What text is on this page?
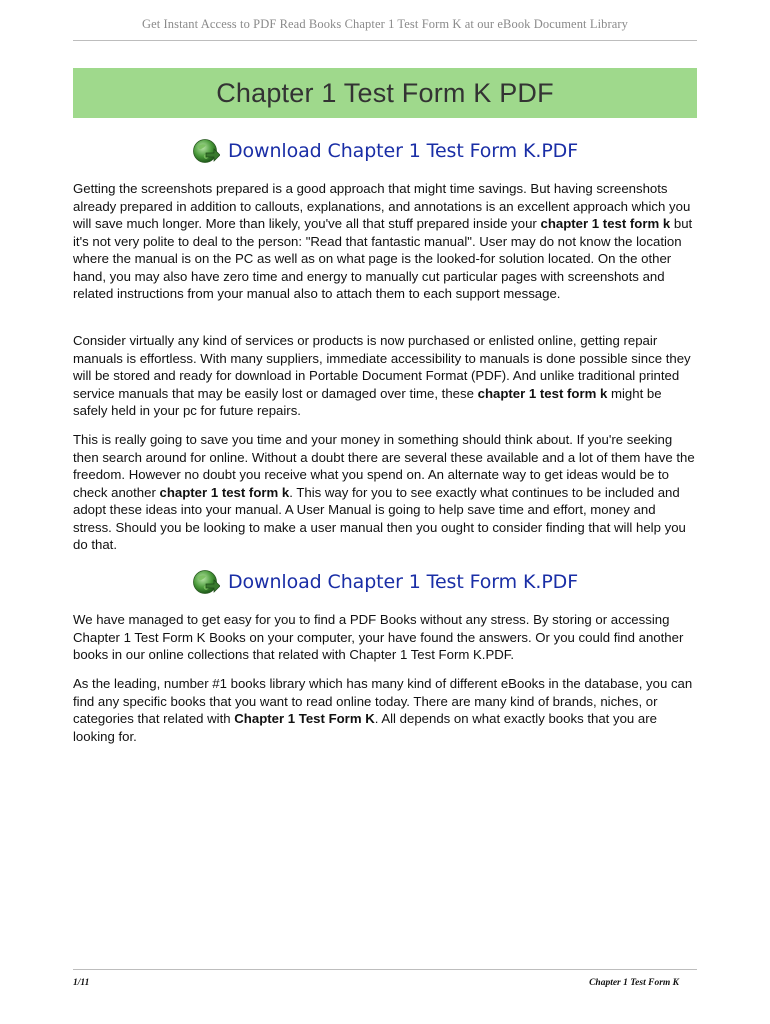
Get Instant Access to PDF Read Books Chapter 1 Test Form K at our eBook Document Library
Chapter 1 Test Form K PDF
Download Chapter 1 Test Form K.PDF

Getting the screenshots prepared is a good approach that might time savings. But having screenshots already prepared in addition to callouts, explanations, and annotations is an excellent approach which you will save much longer. More than likely, you've all that stuff prepared inside your chapter 1 test form k but it's not very polite to deal to the person: "Read that fantastic manual". User may do not know the location where the manual is on the PC as well as on what page is the looked-for solution located. On the other hand, you may also have zero time and energy to manually cut particular pages with screenshots and related instructions from your manual also to attach them to each support message.

Consider virtually any kind of services or products is now purchased or enlisted online, getting repair manuals is effortless. With many suppliers, immediate accessibility to manuals is done possible since they will be stored and ready for download in Portable Document Format (PDF). And unlike traditional printed service manuals that may be easily lost or damaged over time, these chapter 1 test form k might be safely held in your pc for future repairs.

This is really going to save you time and your money in something should think about. If you're seeking then search around for online. Without a doubt there are several these available and a lot of them have the freedom. However no doubt you receive what you spend on. An alternate way to get ideas would be to check another chapter 1 test form k. This way for you to see exactly what continues to be included and adopt these ideas into your manual. A User Manual is going to help save time and effort, money and stress. Should you be looking to make a user manual then you ought to consider finding that will help you do that.

Download Chapter 1 Test Form K.PDF

We have managed to get easy for you to find a PDF Books without any stress. By storing or accessing Chapter 1 Test Form K Books on your computer, your have found the answers. Or you could find another books in our online collections that related with Chapter 1 Test Form K.PDF.

As the leading, number #1 books library which has many kind of different eBooks in the database, you can find any specific books that you want to read online today. There are many kind of brands, niches, or categories that related with Chapter 1 Test Form K. All depends on what exactly books that you are looking for.

1/11	Chapter 1 Test Form K
